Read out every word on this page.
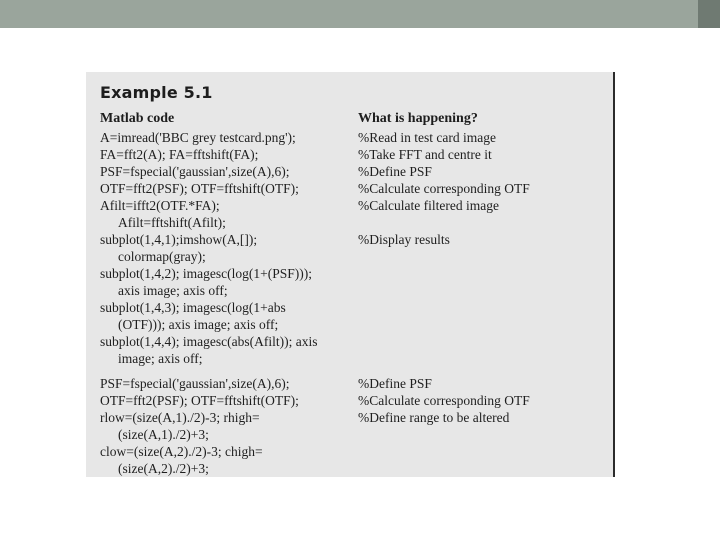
Example 5.1
Matlab code	What is happening?
A=imread('BBC grey testcard.png');
FA=fft2(A); FA=fftshift(FA);
PSF=fspecial('gaussian',size(A),6);
OTF=fft2(PSF); OTF=fftshift(OTF);
Afilt=ifft2(OTF.*FA);
Afilt=fftshift(Afilt);
subplot(1,4,1);imshow(A,[]);
colormap(gray);
subplot(1,4,2); imagesc(log(1+(PSF)));
axis image; axis off;
subplot(1,4,3); imagesc(log(1+abs
(OTF))); axis image; axis off;
subplot(1,4,4); imagesc(abs(Afilt)); axis
image; axis off;
PSF=fspecial('gaussian',size(A),6);
OTF=fft2(PSF); OTF=fftshift(OTF);
rlow=(size(A,1)./2)-3; rhigh=
(size(A,1)./2)+3;
clow=(size(A,2)./2)-3; chigh=
(size(A,2)./2)+3;
%Read in test card image
%Take FFT and centre it
%Define PSF
%Calculate corresponding OTF
%Calculate filtered image
%Display results
%Define PSF
%Calculate corresponding OTF
%Define range to be altered
